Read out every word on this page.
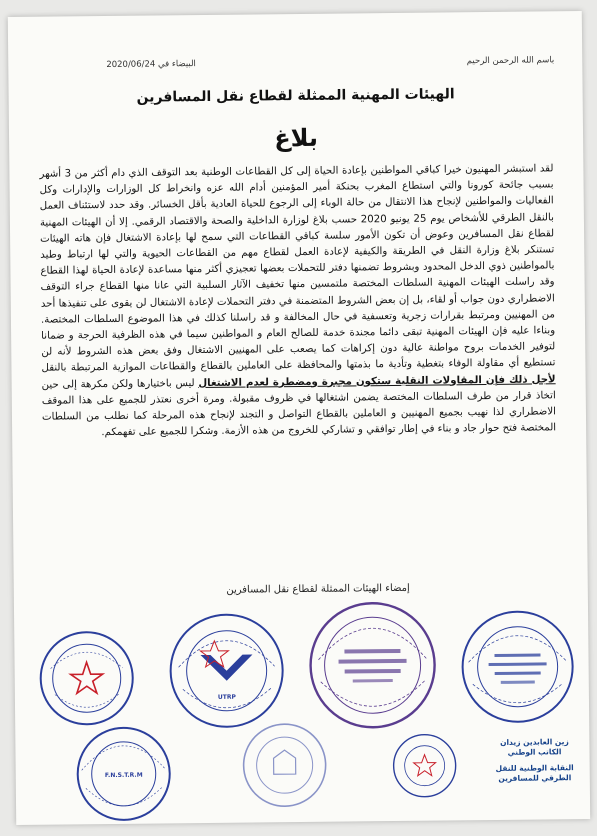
باسم الله الرحمن الرحيم
البيضاء في 2020/06/24
الهيئات المهنية الممثلة لقطاع نقل المسافرين
بلاغ
لقد استبشر المهنيون خيرا كباقي المواطنين بإعادة الحياة إلى كل القطاعات الوطنية بعد التوقف الذي دام أكثر من 3 أشهر بسبب جائحة كورونا والتي استطاع المغرب بحنكة أمير المؤمنين أدام الله عزه وانخراط كل الوزارات والإدارات وكل الفعاليات والمواطنين لإنجاح هذا الانتقال من حالة الوباء إلى الرجوع للحياة العادية بأقل الخسائر. وقد حدد لاستئناف العمل بالنقل الطرقي للأشخاص يوم 25 يونيو 2020 حسب بلاغ لوزارة الداخلية والصحة والاقتصاد الرقمي. إلا أن الهيئات المهنية لقطاع نقل المسافرين وعوض أن تكون الأمور سلسة كباقي القطاعات التي سمح لها بإعادة الاشتغال فإن هاته الهيئات تستنكر بلاغ وزارة النقل في الطريقة والكيفية لإعادة العمل لقطاع مهم من القطاعات الحيوية والتي لها ارتباط وطيد بالمواطنين ذوي الدخل المحدود وبشروط تضمنها دفتر للتحملات بعضها تعجيزي أكثر منها مساعدة لإعادة الحياة لهذا القطاع وقد راسلت الهيئات المهنية السلطات المختصة ملتمسين منها تخفيف الآثار السلبية التي عانا منها القطاع جراء التوقف الاضطراري دون جواب أو لقاء، بل إن بعض الشروط المتضمنة في دفتر التحملات لإعادة الاشتغال لن يقوى على تنفيذها أحد من المهنيين ومرتبط بقرارات زجرية وتعسفية في حال المخالفة و قد راسلنا كذلك في هذا الموضوع السلطات المختصة. وبناءا عليه فإن الهيئات المهنية تبقى دائما مجندة خدمة للصالح العام و المواطنين سيما في هذه الظرفية الحرجة و ضمانا لتوفير الخدمات بروح مواطنة عالية دون إكراهات كما يصعب على المهنيين الاشتغال وفق بعض هذه الشروط لأنه لن تستطيع أي مقاولة الوفاء بتغطية وتأدية ما بذمتها والمحافظة على العاملين بالقطاع والقطاعات الموازية المرتبطة بالنقل لأجل ذلك فإن المقاولات النقلية ستكون مجبرة ومضطرة لعدم الاشتغال ليس باختيارها ولكن مكرهة إلى حين اتخاذ قرار من طرف السلطات المختصة يضمن اشتغالها في ظروف مقبولة. ومرة أخرى نعتذر للجميع على هذا الموقف الاضطراري لذا نهيب بجميع المهنيين و العاملين بالقطاع التواصل و التجند لإنجاح هذه المرحلة كما نطلب من السلطات المختصة فتح حوار جاد و بناء في إطار توافقي و تشاركي للخروج من هذه الأزمة. وشكرا للجميع على تفهمكم.
إمضاء الهيئات الممثلة لقطاع نقل المسافرين
UTRP
F.N.S.T.R.M
زين العابدين زيدان
الكاتب الوطني
النقابة الوطنية للنقل
الطرقي للمسافرين
